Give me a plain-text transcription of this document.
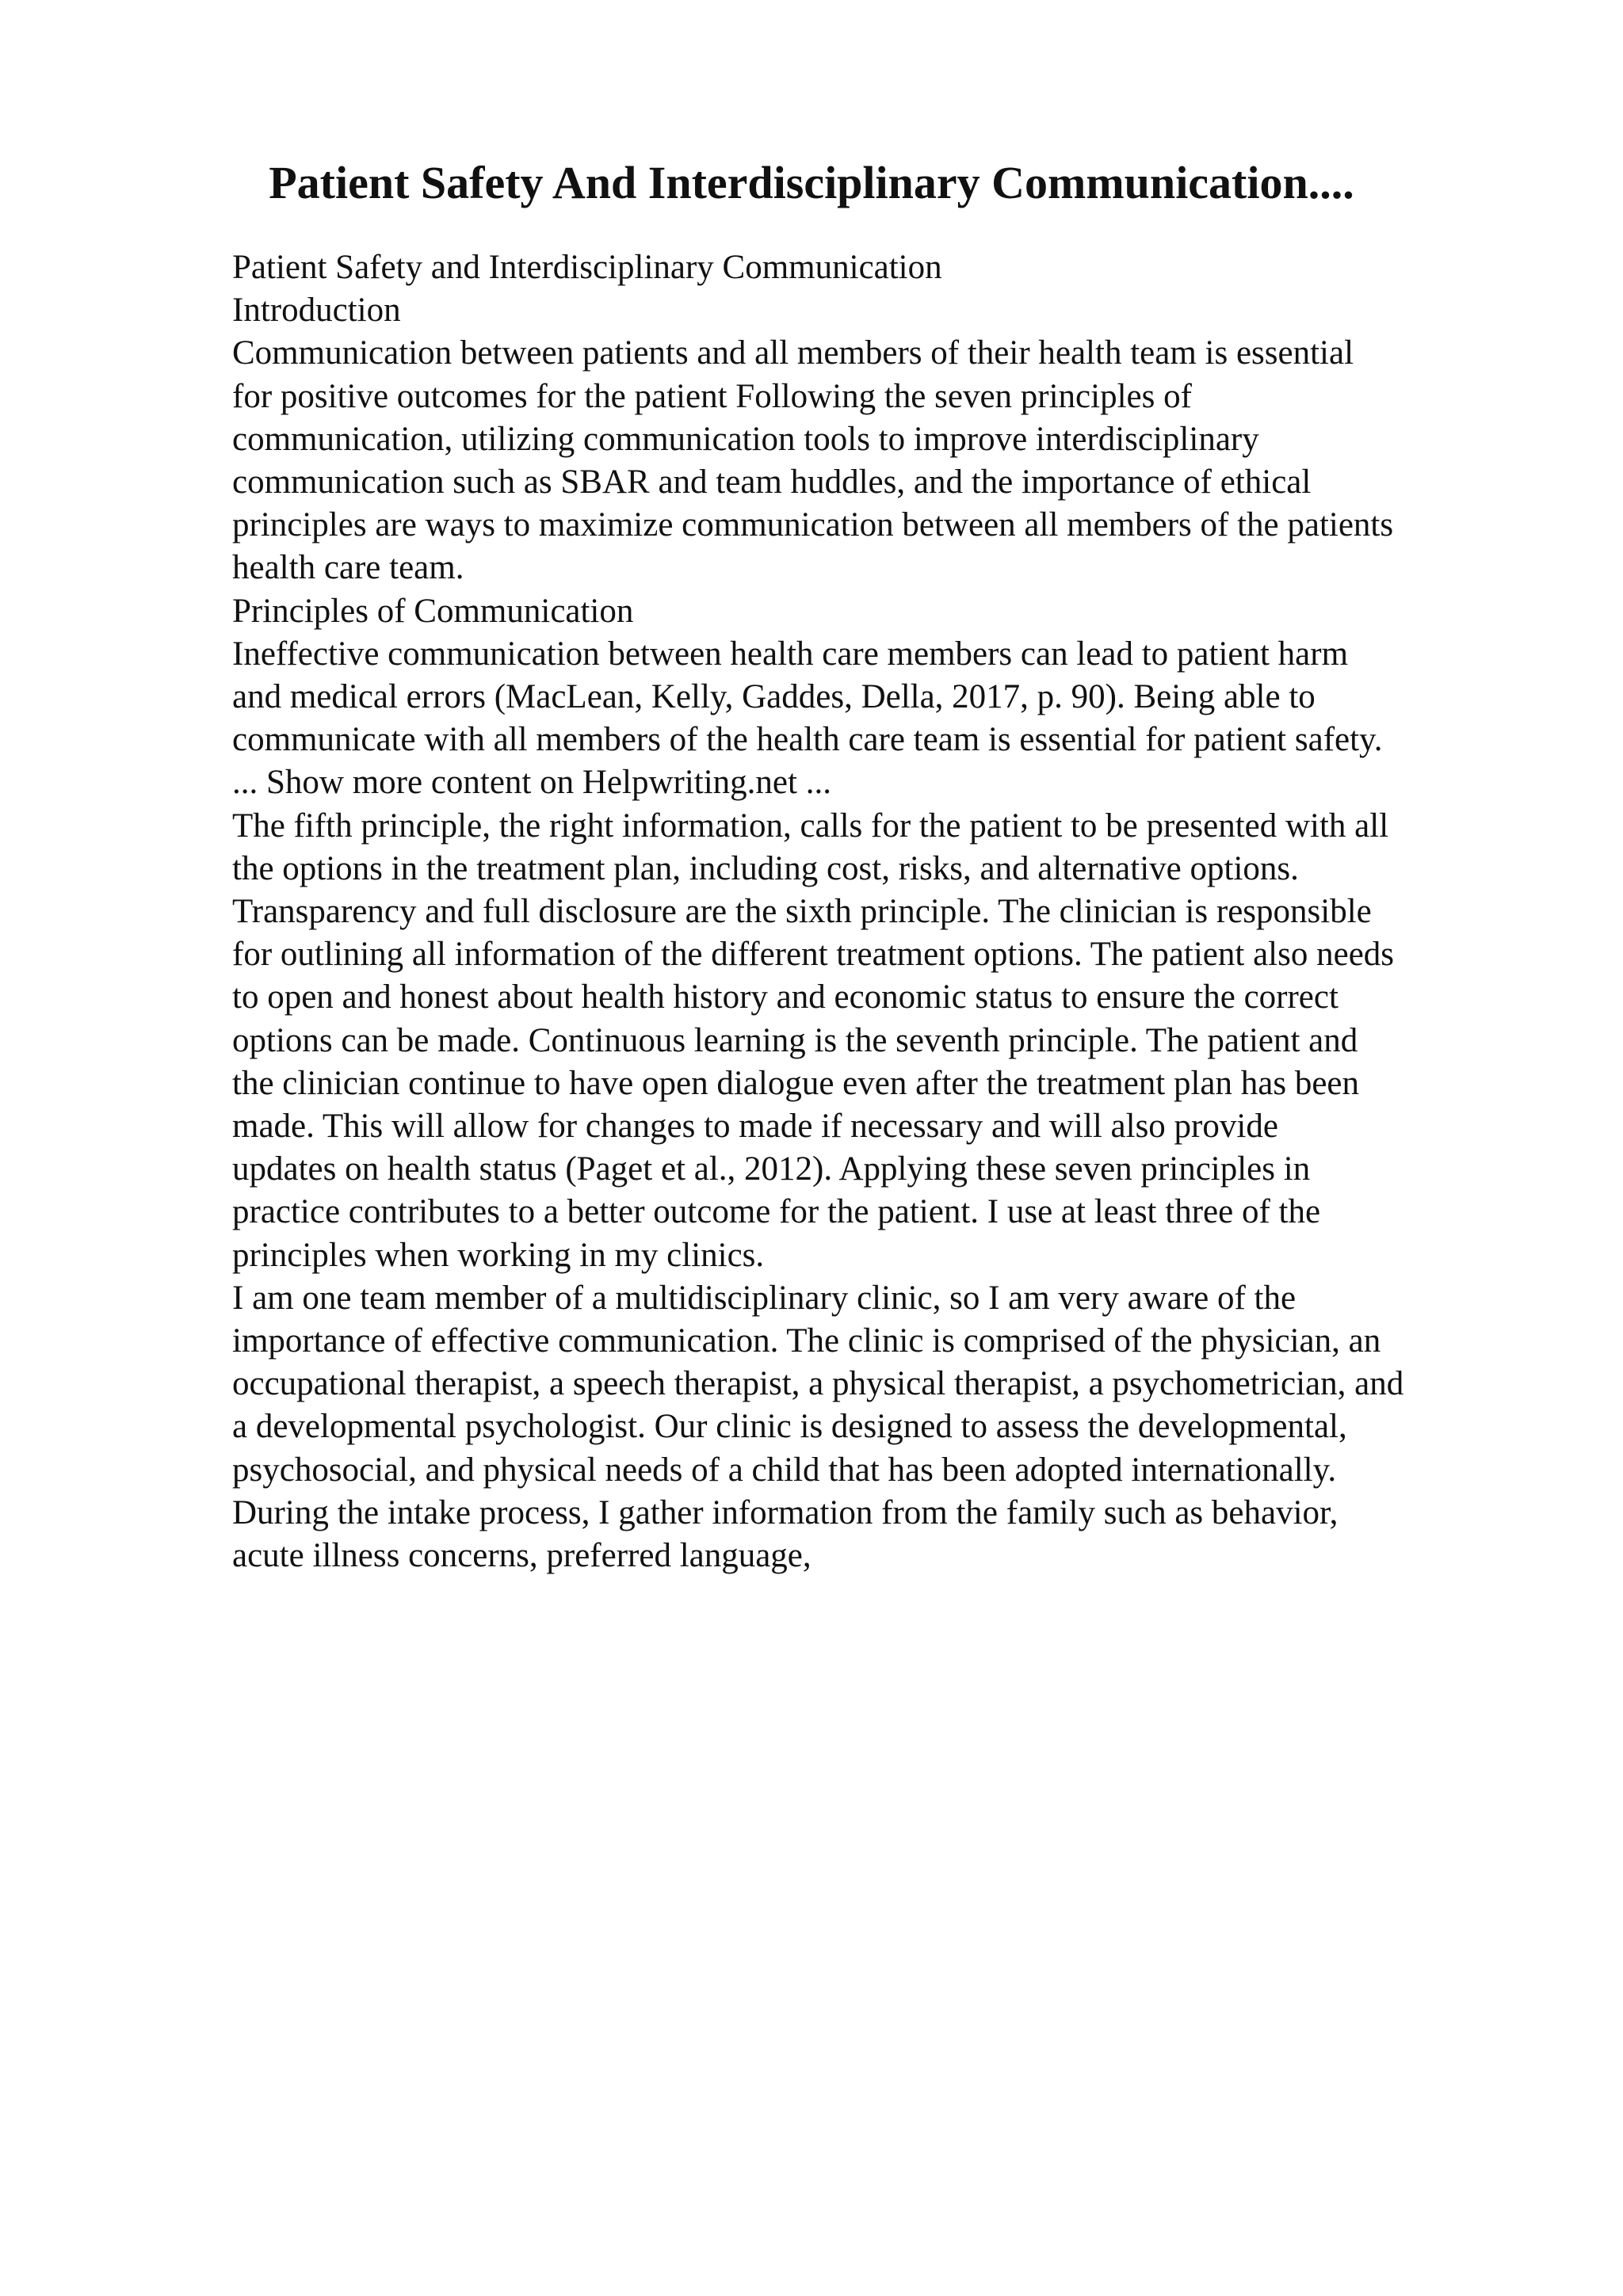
Patient Safety And Interdisciplinary Communication....
Patient Safety and Interdisciplinary Communication
Introduction
Communication between patients and all members of their health team is essential
for positive outcomes for the patient Following the seven principles of
communication, utilizing communication tools to improve interdisciplinary
communication such as SBAR and team huddles, and the importance of ethical
principles are ways to maximize communication between all members of the patients
health care team.
Principles of Communication
Ineffective communication between health care members can lead to patient harm
and medical errors (MacLean, Kelly, Gaddes, Della, 2017, p. 90). Being able to
communicate with all members of the health care team is essential for patient safety.
... Show more content on Helpwriting.net ...
The fifth principle, the right information, calls for the patient to be presented with all
the options in the treatment plan, including cost, risks, and alternative options.
Transparency and full disclosure are the sixth principle. The clinician is responsible
for outlining all information of the different treatment options. The patient also needs
to open and honest about health history and economic status to ensure the correct
options can be made. Continuous learning is the seventh principle. The patient and
the clinician continue to have open dialogue even after the treatment plan has been
made. This will allow for changes to made if necessary and will also provide
updates on health status (Paget et al., 2012). Applying these seven principles in
practice contributes to a better outcome for the patient. I use at least three of the
principles when working in my clinics.
I am one team member of a multidisciplinary clinic, so I am very aware of the
importance of effective communication. The clinic is comprised of the physician, an
occupational therapist, a speech therapist, a physical therapist, a psychometrician, and
a developmental psychologist. Our clinic is designed to assess the developmental,
psychosocial, and physical needs of a child that has been adopted internationally.
During the intake process, I gather information from the family such as behavior,
acute illness concerns, preferred language,
